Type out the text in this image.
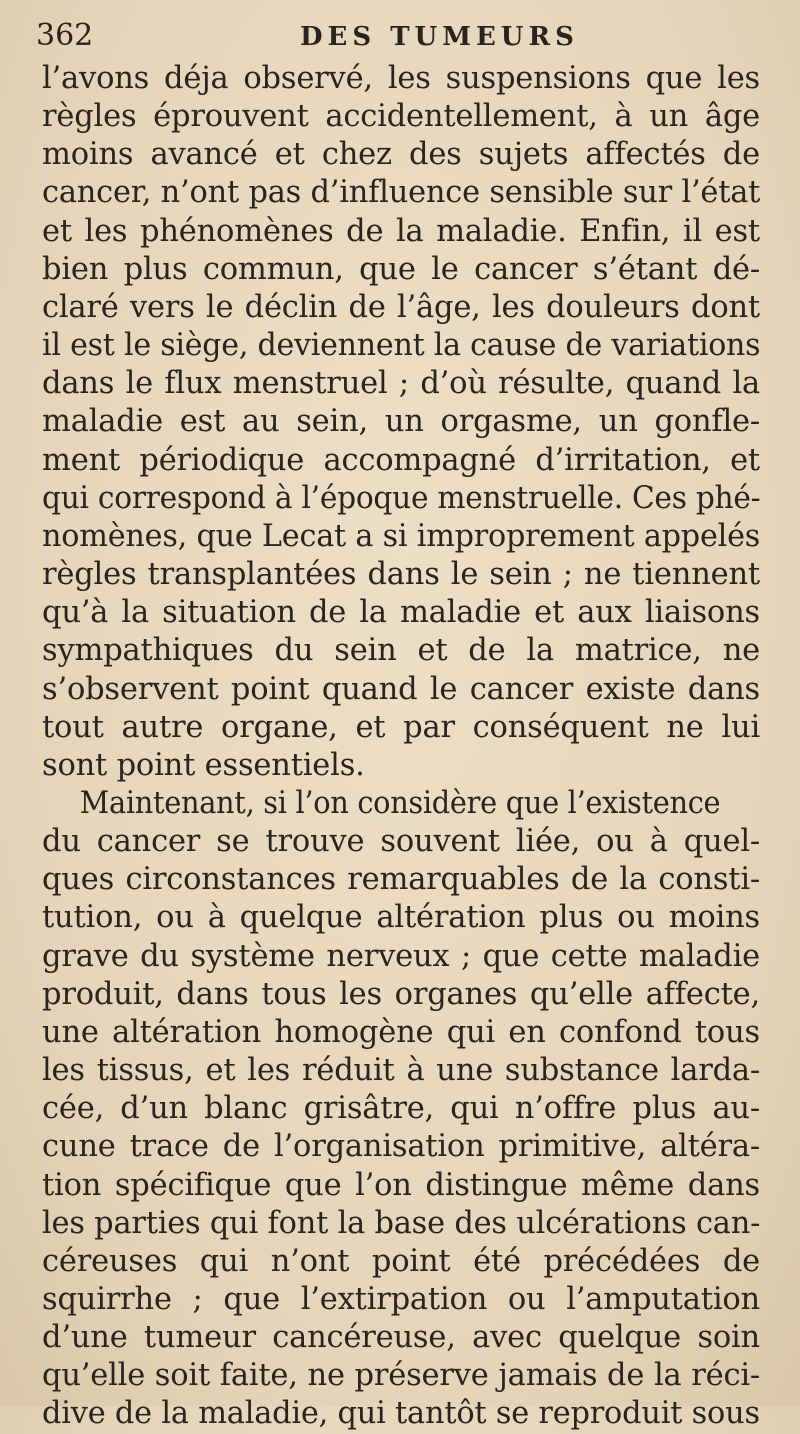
362	DES TUMEURS
l’avons déja observé, les suspensions que les
règles éprouvent accidentellement, à un âge
moins avancé et chez des sujets affectés de
cancer, n’ont pas d’influence sensible sur l’état
et les phénomènes de la maladie. Enfin, il est
bien plus commun, que le cancer s’étant dé-
claré vers le déclin de l’âge, les douleurs dont
il est le siège, deviennent la cause de variations
dans le flux menstruel ; d’où résulte, quand la
maladie est au sein, un orgasme, un gonfle-
ment périodique accompagné d’irritation, et
qui correspond à l’époque menstruelle. Ces phé-
nomènes, que Lecat a si improprement appelés
règles transplantées dans le sein ; ne tiennent
qu’à la situation de la maladie et aux liaisons
sympathiques du sein et de la matrice, ne
s’observent point quand le cancer existe dans
tout autre organe, et par conséquent ne lui
sont point essentiels.
Maintenant, si l’on considère que l’existence
du cancer se trouve souvent liée, ou à quel-
ques circonstances remarquables de la consti-
tution, ou à quelque altération plus ou moins
grave du système nerveux ; que cette maladie
produit, dans tous les organes qu’elle affecte,
une altération homogène qui en confond tous
les tissus, et les réduit à une substance larda-
cée, d’un blanc grisâtre, qui n’offre plus au-
cune trace de l’organisation primitive, altéra-
tion spécifique que l’on distingue même dans
les parties qui font la base des ulcérations can-
céreuses qui n’ont point été précédées de
squirrhe ; que l’extirpation ou l’amputation
d’une tumeur cancéreuse, avec quelque soin
qu’elle soit faite, ne préserve jamais de la réci-
dive de la maladie, qui tantôt se reproduit sous
